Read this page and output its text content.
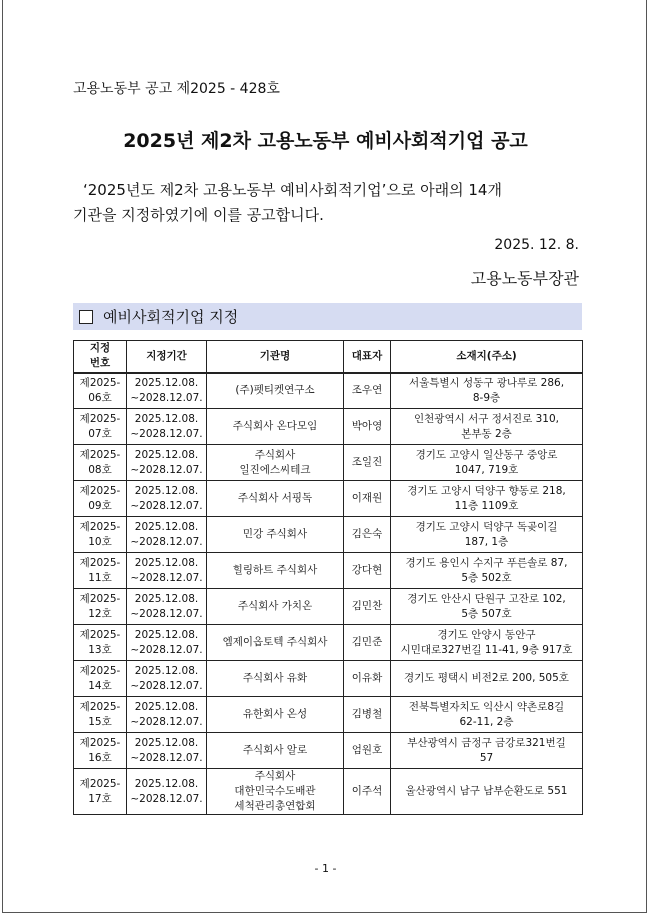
고용노동부 공고 제2025 - 428호
2025년 제2차 고용노동부 예비사회적기업 공고
‘2025년도 제2차 고용노동부 예비사회적기업’으로 아래의 14개
기관을 지정하였기에 이를 공고합니다.
2025. 12. 8.
고용노동부장관
예비사회적기업 지정
지정
번호	지정기간	기관명	대표자	소재지(주소)

제2025-
06호	2025.12.08.
~2028.12.07.	(주)펫티켓연구소	조우연	서울특별시 성동구 광나루로 286,
8-9층

제2025-
07호	2025.12.08.
~2028.12.07.	주식회사 온다모임	박아영	인천광역시 서구 정서진로 310,
본부동 2층

제2025-
08호	2025.12.08.
~2028.12.07.	주식회사
일진에스씨테크	조일진	경기도 고양시 일산동구 중앙로
1047, 719호

제2025-
09호	2025.12.08.
~2028.12.07.	주식회사 서핑독	이재원	경기도 고양시 덕양구 향동로 218,
11층 1109호

제2025-
10호	2025.12.08.
~2028.12.07.	민강 주식회사	김은숙	경기도 고양시 덕양구 독곶이길
187, 1층

제2025-
11호	2025.12.08.
~2028.12.07.	힐링하트 주식회사	강다현	경기도 용인시 수지구 푸른솔로 87,
5층 502호

제2025-
12호	2025.12.08.
~2028.12.07.	주식회사 가치온	김민찬	경기도 안산시 단원구 고잔로 102,
5층 507호

제2025-
13호	2025.12.08.
~2028.12.07.	엠제이옵토텍 주식회사	김민준	경기도 안양시 동안구
시민대로327번길 11-41, 9층 917호

제2025-
14호	2025.12.08.
~2028.12.07.	주식회사 유화	이유화	경기도 평택시 비전2로 200, 505호

제2025-
15호	2025.12.08.
~2028.12.07.	유한회사 온성	김병철	전북특별자치도 익산시 약촌로8길
62-11, 2층

제2025-
16호	2025.12.08.
~2028.12.07.	주식회사 알로	엄원호	부산광역시 금정구 금강로321번길
57

제2025-
17호	2025.12.08.
~2028.12.07.	주식회사
대한민국수도배관
세척관리총연합회	이주석	울산광역시 남구 남부순환도로 551
- 1 -
